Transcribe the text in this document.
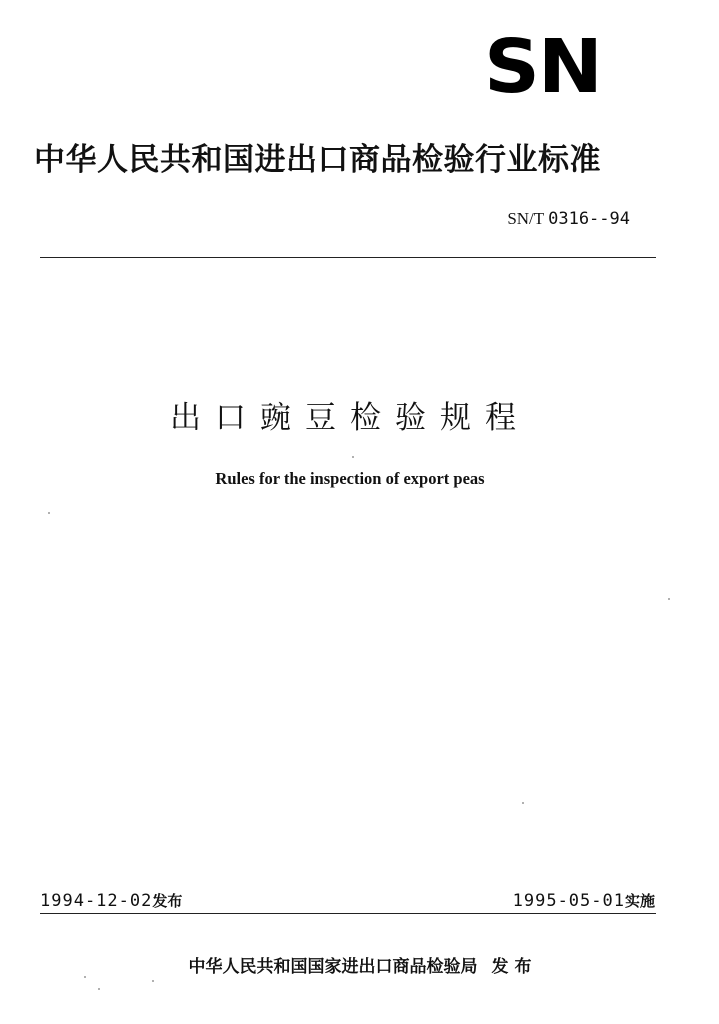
SN
中华人民共和国进出口商品检验行业标准
SN/T 0316--94
出口豌豆检验规程
Rules for the inspection of export peas
1994-12-02发布	1995-05-01实施
中华人民共和国国家进出口商品检验局 发 布
